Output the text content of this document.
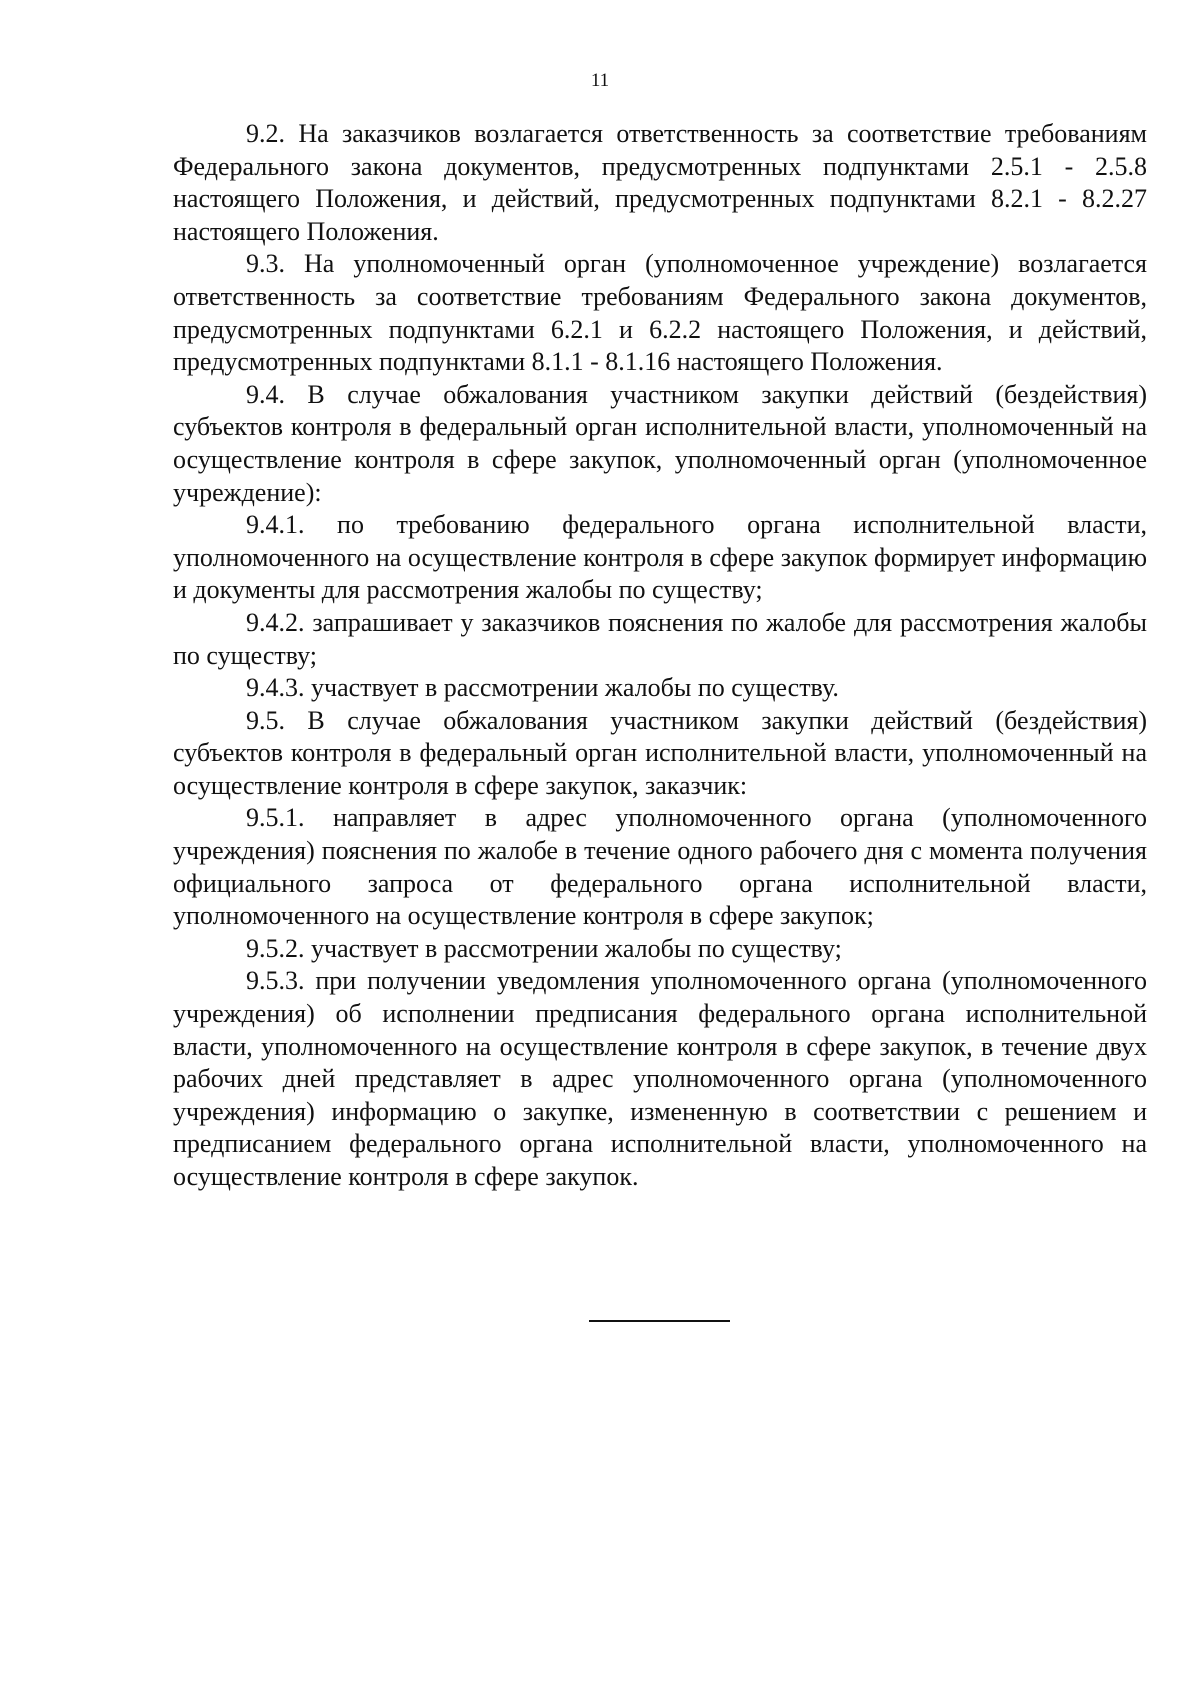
11

9.2. На заказчиков возлагается ответственность за соответствие требованиям Федерального закона документов, предусмотренных подпунктами 2.5.1 - 2.5.8 настоящего Положения, и действий, предусмотренных подпунктами 8.2.1 - 8.2.27 настоящего Положения.

9.3. На уполномоченный орган (уполномоченное учреждение) возлагается ответственность за соответствие требованиям Федерального закона документов, предусмотренных подпунктами 6.2.1 и 6.2.2 настоящего Положения, и действий, предусмотренных подпунктами 8.1.1 - 8.1.16 настоящего Положения.

9.4. В случае обжалования участником закупки действий (бездействия) субъектов контроля в федеральный орган исполнительной власти, уполномоченный на осуществление контроля в сфере закупок, уполномоченный орган (уполномоченное учреждение):

9.4.1. по требованию федерального органа исполнительной власти, уполномоченного на осуществление контроля в сфере закупок формирует информацию и документы для рассмотрения жалобы по существу;

9.4.2. запрашивает у заказчиков пояснения по жалобе для рассмотрения жалобы по существу;

9.4.3. участвует в рассмотрении жалобы по существу.

9.5. В случае обжалования участником закупки действий (бездействия) субъектов контроля в федеральный орган исполнительной власти, уполномоченный на осуществление контроля в сфере закупок, заказчик:

9.5.1. направляет в адрес уполномоченного органа (уполномоченного учреждения) пояснения по жалобе в течение одного рабочего дня с момента получения официального запроса от федерального органа исполнительной власти, уполномоченного на осуществление контроля в сфере закупок;

9.5.2. участвует в рассмотрении жалобы по существу;

9.5.3. при получении уведомления уполномоченного органа (уполномоченного учреждения) об исполнении предписания федерального органа исполнительной власти, уполномоченного на осуществление контроля в сфере закупок, в течение двух рабочих дней представляет в адрес уполномоченного органа (уполномоченного учреждения) информацию о закупке, измененную в соответствии с решением и предписанием федерального органа исполнительной власти, уполномоченного на осуществление контроля в сфере закупок.
